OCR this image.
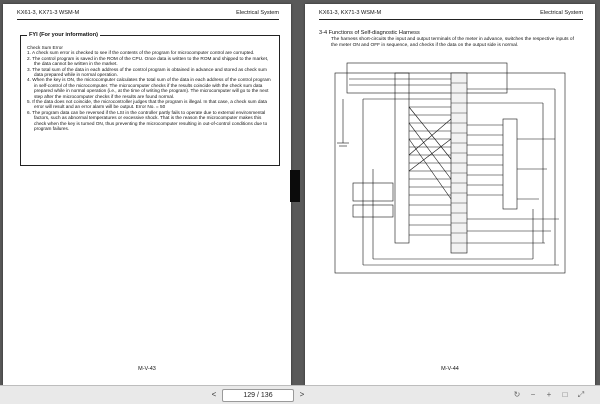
KX61-3, KX71-3 WSM-M	Electrical System
FYI (For your information)

Check Sum Error

1. A check sum error is checked to see if the contents of the program for microcomputer control are corrupted.
2. The control program is saved in the ROM of the CPU. Once data is written to the ROM and shipped to the market, the data cannot be written in the market.
3. The total sum of the data in each address of the control program is obtained in advance and stored as check sum data prepared while in normal operation.
4. When the key is ON, the microcomputer calculates the total sum of the data in each address of the control program in self-control of the microcomputer. The microcomputer checks if the results coincide with the check sum data prepared while in normal operation (i.e., at the time of writing the program). The microcomputer will go to the next step after the microcomputer checks if the results are found normal.
5. If the data does not coincide, the microcontroller judges that the program is illegal. In that case, a check sum data error will result and an error alarm will be output. Error No. = 50
6. The program data can be reversed if the LSI in the controller partly fails to operate due to external environmental factors, such as abnormal temperatures or excessive shock. That is the reason the microcomputer makes this check when the key is turned ON, thus preventing the microcomputer resulting in out-of-control conditions due to program failures.
M-V-43
KX61-3, KX71-3 WSM-M	Electrical System
3-4 Functions of Self-diagnostic Harness
The harness short-circuits the input and output terminals of the meter in advance, switches the respective inputs of the meter ON and OFF in sequence, and checks if the data on the output side is normal.
M-V-44
<	129 / 136	>	↻	−	+	□	⤢
